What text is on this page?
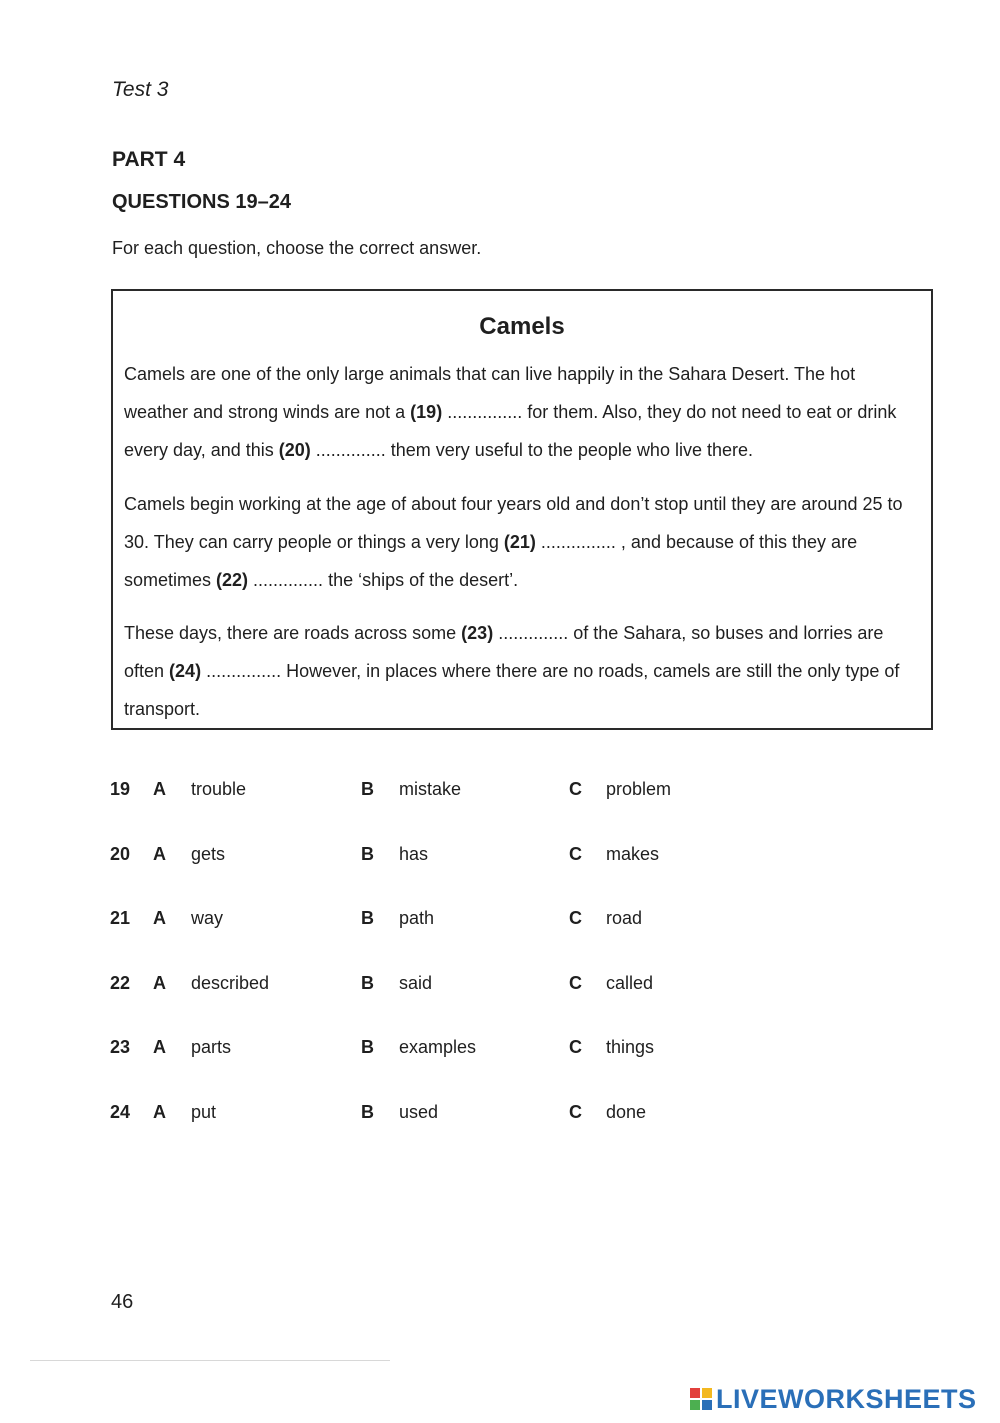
Test 3
PART 4
QUESTIONS 19–24
For each question, choose the correct answer.
Camels
Camels are one of the only large animals that can live happily in the Sahara Desert. The hot weather and strong winds are not a (19) ............... for them. Also, they do not need to eat or drink every day, and this (20) .............. them very useful to the people who live there.
Camels begin working at the age of about four years old and don’t stop until they are around 25 to 30. They can carry people or things a very long (21) ............... , and because of this they are sometimes (22) .............. the ‘ships of the desert’.
These days, there are roads across some (23) .............. of the Sahara, so buses and lorries are often (24) ............... However, in places where there are no roads, camels are still the only type of transport.
19 A trouble	B mistake	C problem
20 A gets	B has	C makes
21 A way	B path	C road
22 A described	B said	C called
23 A parts	B examples	C things
24 A put	B used	C done
46
LIVEWORKSHEETS
